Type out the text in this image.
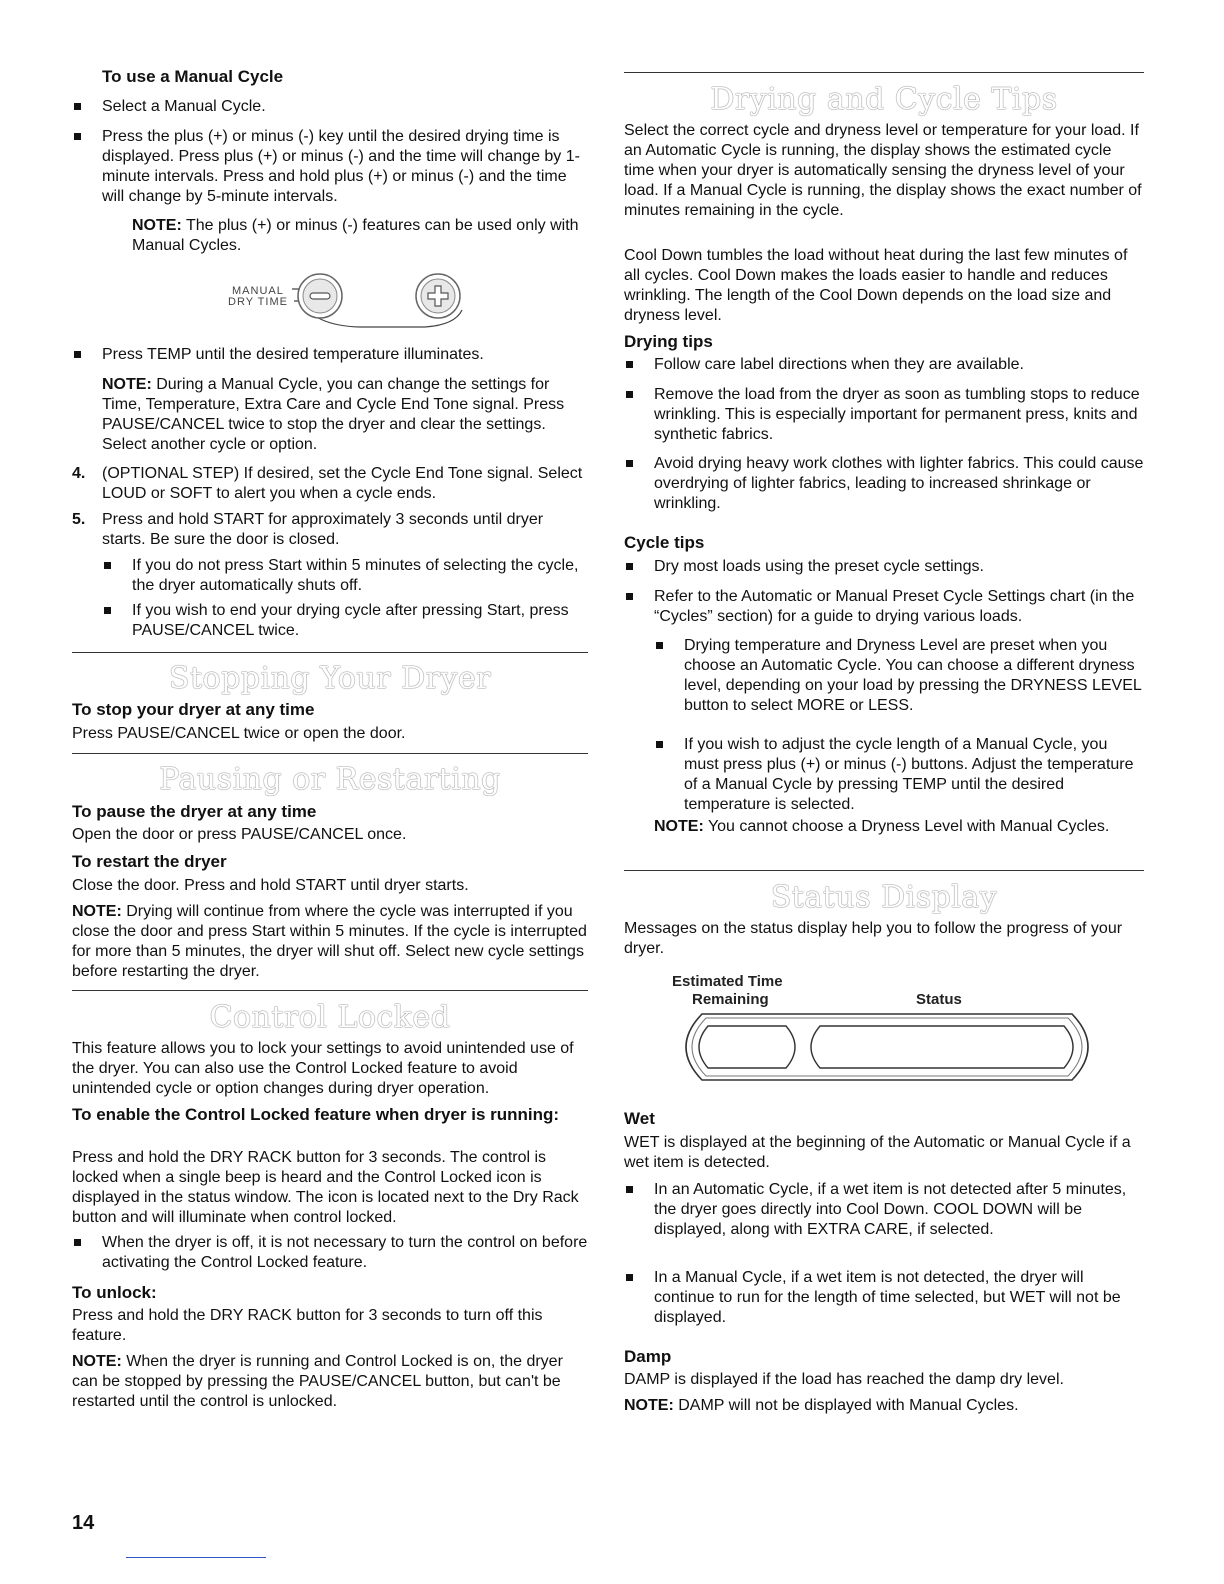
To use a Manual Cycle
Select a Manual Cycle.
Press the plus (+) or minus (-) key until the desired drying time is displayed. Press plus (+) or minus (-) and the time will change by 1-minute intervals. Press and hold plus (+) or minus (-) and the time will change by 5-minute intervals.
NOTE: The plus (+) or minus (-) features can be used only with Manual Cycles.
MANUAL
DRY TIME
Press TEMP until the desired temperature illuminates.
NOTE: During a Manual Cycle, you can change the settings for Time, Temperature, Extra Care and Cycle End Tone signal. Press PAUSE/CANCEL twice to stop the dryer and clear the settings. Select another cycle or option.
4. (OPTIONAL STEP) If desired, set the Cycle End Tone signal. Select LOUD or SOFT to alert you when a cycle ends.
5. Press and hold START for approximately 3 seconds until dryer starts. Be sure the door is closed.
If you do not press Start within 5 minutes of selecting the cycle, the dryer automatically shuts off.
If you wish to end your drying cycle after pressing Start, press PAUSE/CANCEL twice.
Stopping Your Dryer
To stop your dryer at any time
Press PAUSE/CANCEL twice or open the door.
Pausing or Restarting
To pause the dryer at any time
Open the door or press PAUSE/CANCEL once.
To restart the dryer
Close the door. Press and hold START until dryer starts.
NOTE: Drying will continue from where the cycle was interrupted if you close the door and press Start within 5 minutes. If the cycle is interrupted for more than 5 minutes, the dryer will shut off. Select new cycle settings before restarting the dryer.
Control Locked
This feature allows you to lock your settings to avoid unintended use of the dryer. You can also use the Control Locked feature to avoid unintended cycle or option changes during dryer operation.
To enable the Control Locked feature when dryer is running:
Press and hold the DRY RACK button for 3 seconds. The control is locked when a single beep is heard and the Control Locked icon is displayed in the status window. The icon is located next to the Dry Rack button and will illuminate when control locked.
When the dryer is off, it is not necessary to turn the control on before activating the Control Locked feature.
To unlock:
Press and hold the DRY RACK button for 3 seconds to turn off this feature.
NOTE: When the dryer is running and Control Locked is on, the dryer can be stopped by pressing the PAUSE/CANCEL button, but can't be restarted until the control is unlocked.
Drying and Cycle Tips
Select the correct cycle and dryness level or temperature for your load. If an Automatic Cycle is running, the display shows the estimated cycle time when your dryer is automatically sensing the dryness level of your load. If a Manual Cycle is running, the display shows the exact number of minutes remaining in the cycle.
Cool Down tumbles the load without heat during the last few minutes of all cycles. Cool Down makes the loads easier to handle and reduces wrinkling. The length of the Cool Down depends on the load size and dryness level.
Drying tips
Follow care label directions when they are available.
Remove the load from the dryer as soon as tumbling stops to reduce wrinkling. This is especially important for permanent press, knits and synthetic fabrics.
Avoid drying heavy work clothes with lighter fabrics. This could cause overdrying of lighter fabrics, leading to increased shrinkage or wrinkling.
Cycle tips
Dry most loads using the preset cycle settings.
Refer to the Automatic or Manual Preset Cycle Settings chart (in the “Cycles” section) for a guide to drying various loads.
Drying temperature and Dryness Level are preset when you choose an Automatic Cycle. You can choose a different dryness level, depending on your load by pressing the DRYNESS LEVEL button to select MORE or LESS.
If you wish to adjust the cycle length of a Manual Cycle, you must press plus (+) or minus (-) buttons. Adjust the temperature of a Manual Cycle by pressing TEMP until the desired temperature is selected.
NOTE: You cannot choose a Dryness Level with Manual Cycles.
Status Display
Messages on the status display help you to follow the progress of your dryer.
Estimated Time
Remaining	Status
Wet
WET is displayed at the beginning of the Automatic or Manual Cycle if a wet item is detected.
In an Automatic Cycle, if a wet item is not detected after 5 minutes, the dryer goes directly into Cool Down. COOL DOWN will be displayed, along with EXTRA CARE, if selected.
In a Manual Cycle, if a wet item is not detected, the dryer will continue to run for the length of time selected, but WET will not be displayed.
Damp
DAMP is displayed if the load has reached the damp dry level.
NOTE: DAMP will not be displayed with Manual Cycles.
14
